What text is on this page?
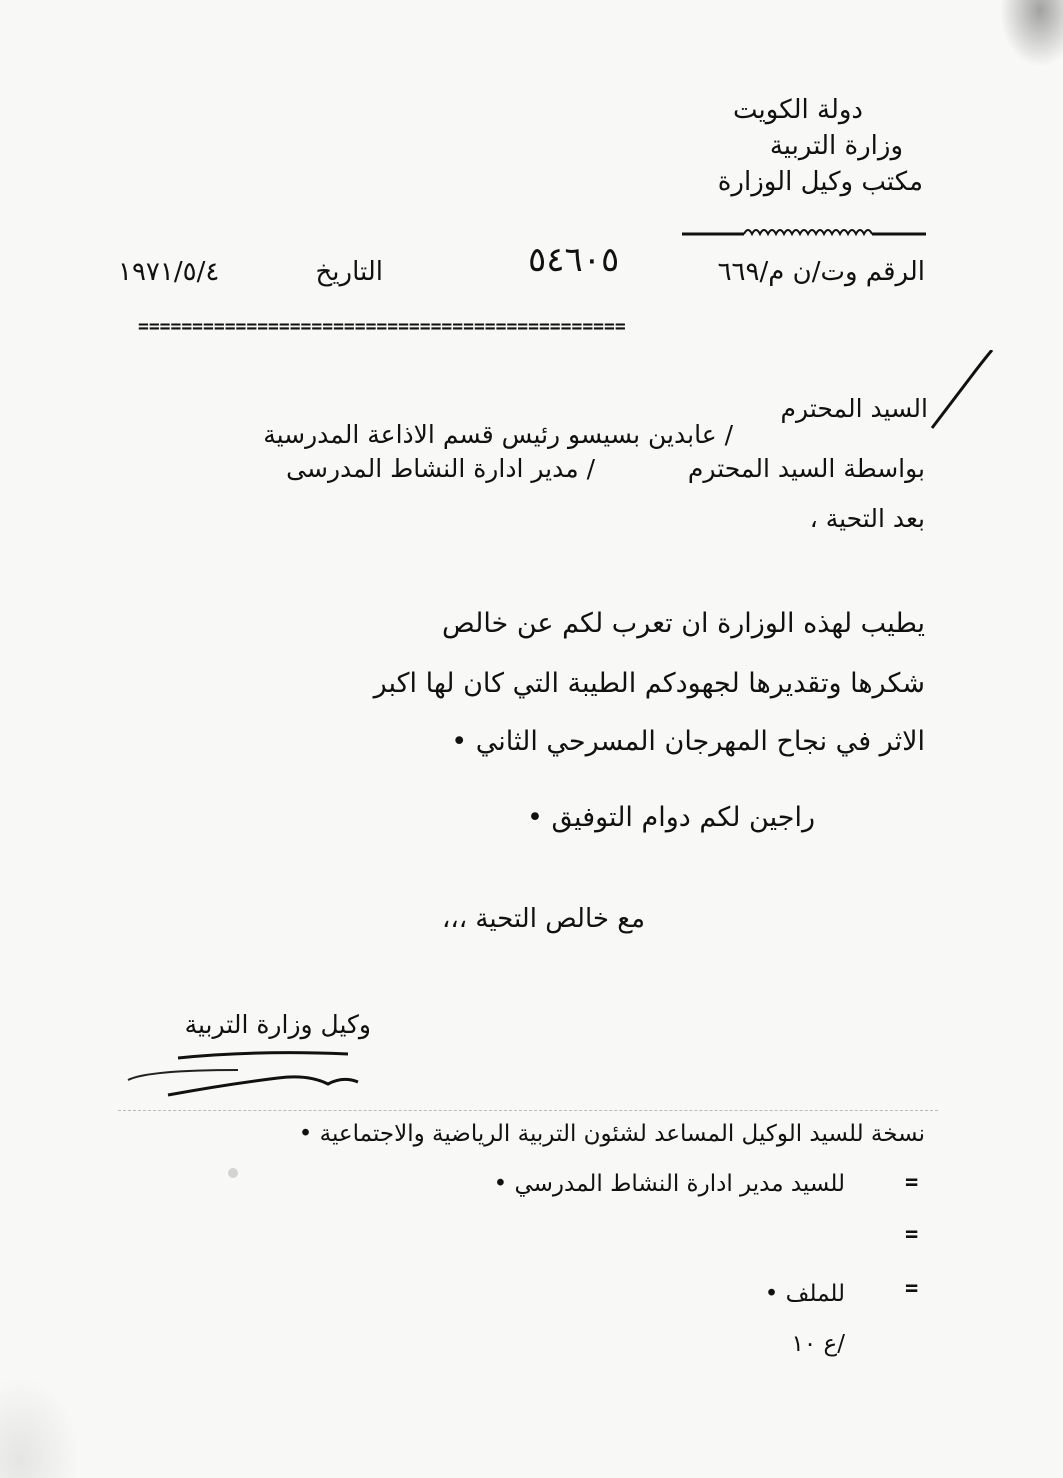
دولة الكويت
وزارة التربية
مكتب وكيل الوزارة
الرقم وت/ن م/٦٦٩
٥٤٦٠٥
التاريخ
١٩٧١/٥/٤
=============================================
السيد المحترم
/ عابدين بسيسو رئيس قسم الاذاعة المدرسية
بواسطة السيد المحترم
/ مدير ادارة النشاط المدرسى
بعد التحية ،
يطيب لهذه الوزارة ان تعرب لكم عن خالص
شكرها وتقديرها لجهودكم الطيبة التي كان لها اكبر
الاثر في نجاح المهرجان المسرحي الثاني •
راجين لكم دوام التوفيق •
مع خالص التحية ،،،
وكيل وزارة التربية
نسخة للسيد الوكيل المساعد لشئون التربية الرياضية والاجتماعية •
=
للسيد مدير ادارة النشاط المدرسي •
=
=
للملف •
/ع ١٠
